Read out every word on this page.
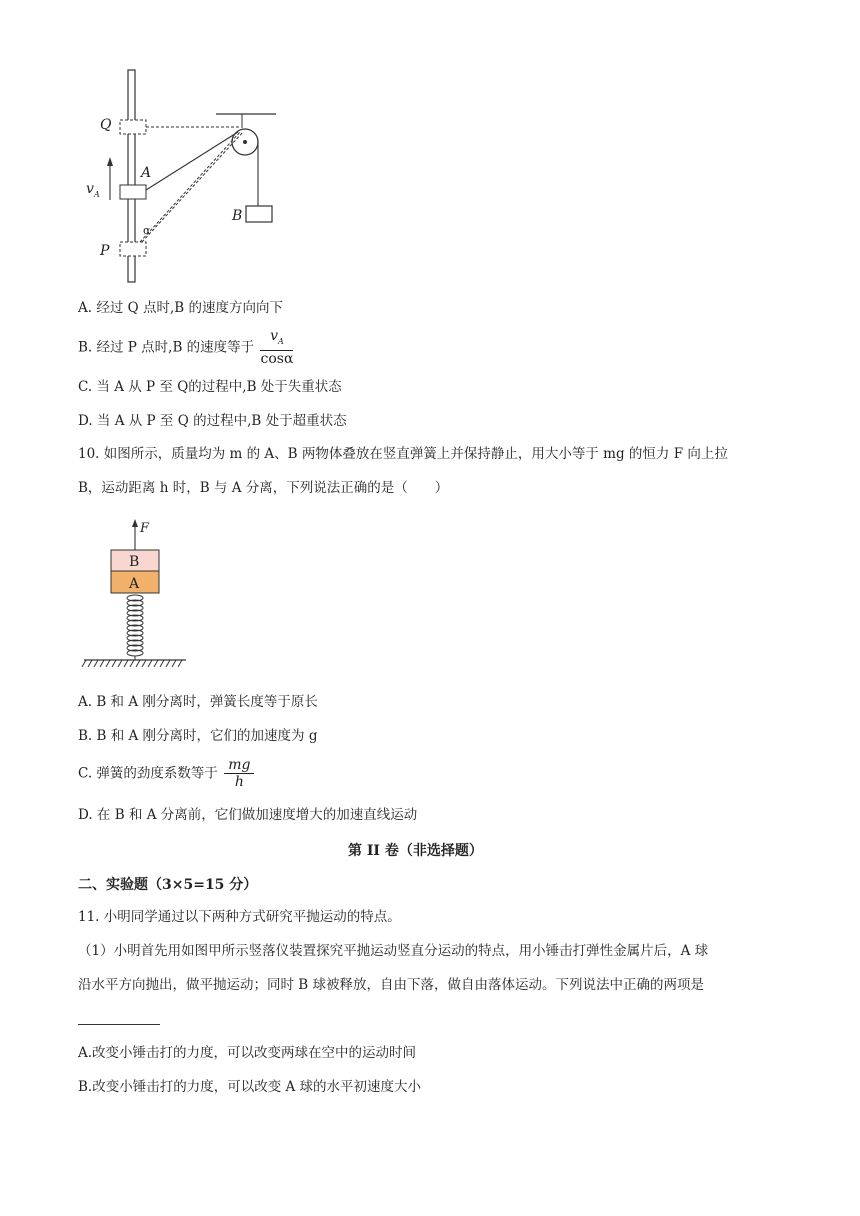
Q
P
A
B
v A
α
A. 经过 Q 点时,B 的速度方向向下
B. 经过 P 点时,B 的速度等于 $\frac{v_A}{\cos\alpha}$
C. 当 A 从 P 至 Q的过程中,B 处于失重状态
D. 当 A 从 P 至 Q 的过程中,B 处于超重状态
10. 如图所示，质量均为 m 的 A、B 两物体叠放在竖直弹簧上并保持静止，用大小等于 mg 的恒力 F 向上拉
B，运动距离 h 时，B 与 A 分离，下列说法正确的是（　　）
F
B
A
A. B 和 A 刚分离时，弹簧长度等于原长
B. B 和 A 刚分离时，它们的加速度为 g
C. 弹簧的劲度系数等于 $\frac{mg}{h}$
D. 在 B 和 A 分离前，它们做加速度增大的加速直线运动
第 II 卷（非选择题）
二、实验题（3×5=15 分）
11. 小明同学通过以下两种方式研究平抛运动的特点。
（1）小明首先用如图甲所示竖落仪装置探究平抛运动竖直分运动的特点，用小锤击打弹性金属片后，A 球
沿水平方向抛出，做平抛运动；同时 B 球被释放，自由下落，做自由落体运动。下列说法中正确的两项是
A.改变小锤击打的力度，可以改变两球在空中的运动时间
B.改变小锤击打的力度，可以改变 A 球的水平初速度大小
